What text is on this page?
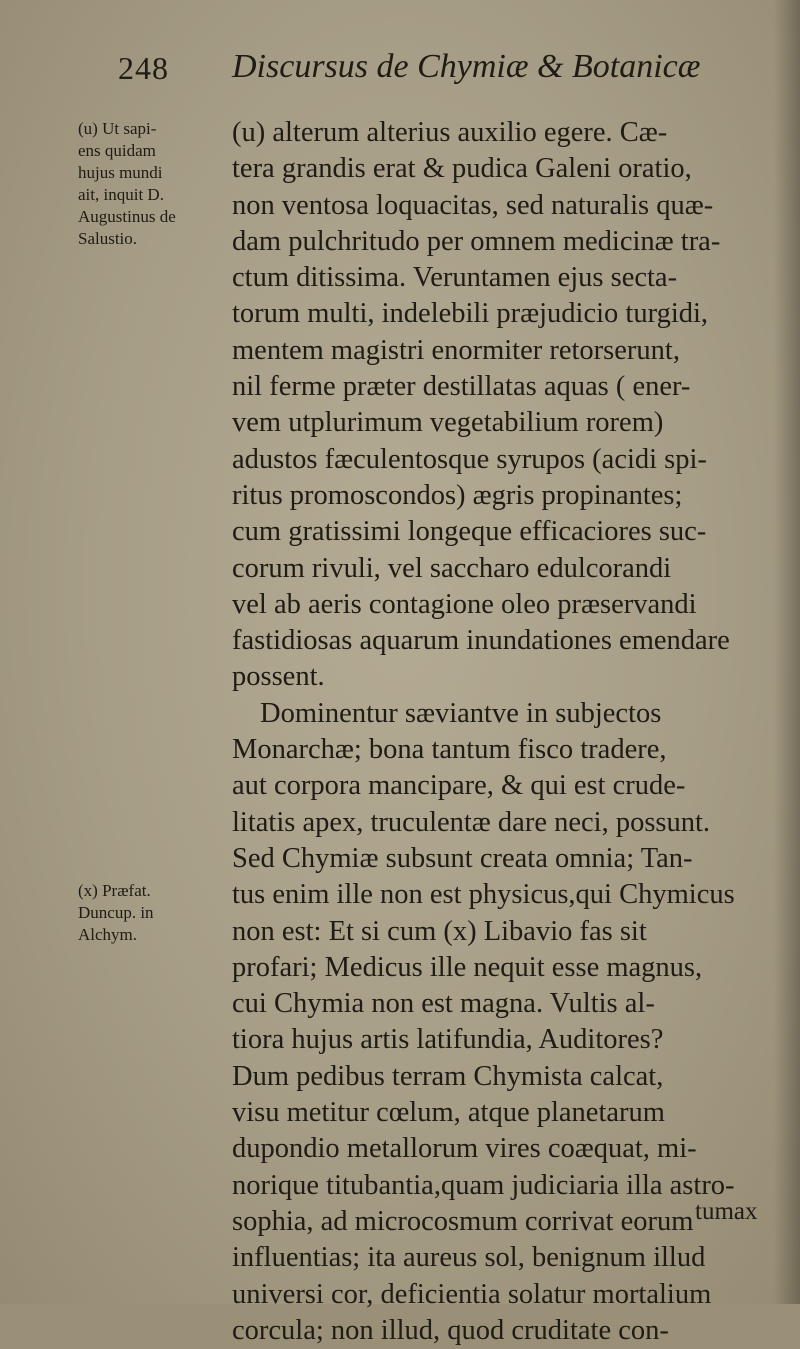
248 Discursus de Chymiæ & Botanicæ
(u) Ut sapi-
ens quidam
hujus mundi
ait, inquit D.
Augustinus de
Salustio.
(x) Præfat.
Duncup. in
Alchym.
(u) alterum alterius auxilio egere. Cæ-
tera grandis erat & pudica Galeni oratio,
non ventosa loquacitas, sed naturalis quæ-
dam pulchritudo per omnem medicinæ tra-
ctum ditissima. Veruntamen ejus secta-
torum multi, indelebili præjudicio turgidi,
mentem magistri enormiter retorserunt,
nil ferme præter destillatas aquas ( ener-
vem utplurimum vegetabilium rorem)
adustos fæculentosque syrupos (acidi spi-
ritus promoscondos) ægris propinantes;
cum gratissimi longeque efficaciores suc-
corum rivuli, vel saccharo edulcorandi
vel ab aeris contagione oleo præservandi
fastidiosas aquarum inundationes emendare
possent.
Dominentur sæviantve in subjectos
Monarchæ; bona tantum fisco tradere,
aut corpora mancipare, & qui est crude-
litatis apex, truculentæ dare neci, possunt.
Sed Chymiæ subsunt creata omnia; Tan-
tus enim ille non est physicus,qui Chymicus
non est: Et si cum (x) Libavio fas sit
profari; Medicus ille nequit esse magnus,
cui Chymia non est magna. Vultis al-
tiora hujus artis latifundia, Auditores?
Dum pedibus terram Chymista calcat,
visu metitur cœlum, atque planetarum
dupondio metallorum vires coæquat, mi-
norique titubantia,quam judiciaria illa astro-
sophia, ad microcosmum corrivat eorum
influentias; ita aureus sol, benignum illud
universi cor, deficientia solatur mortalium
corcula; non illud, quod cruditate con-
tumax
